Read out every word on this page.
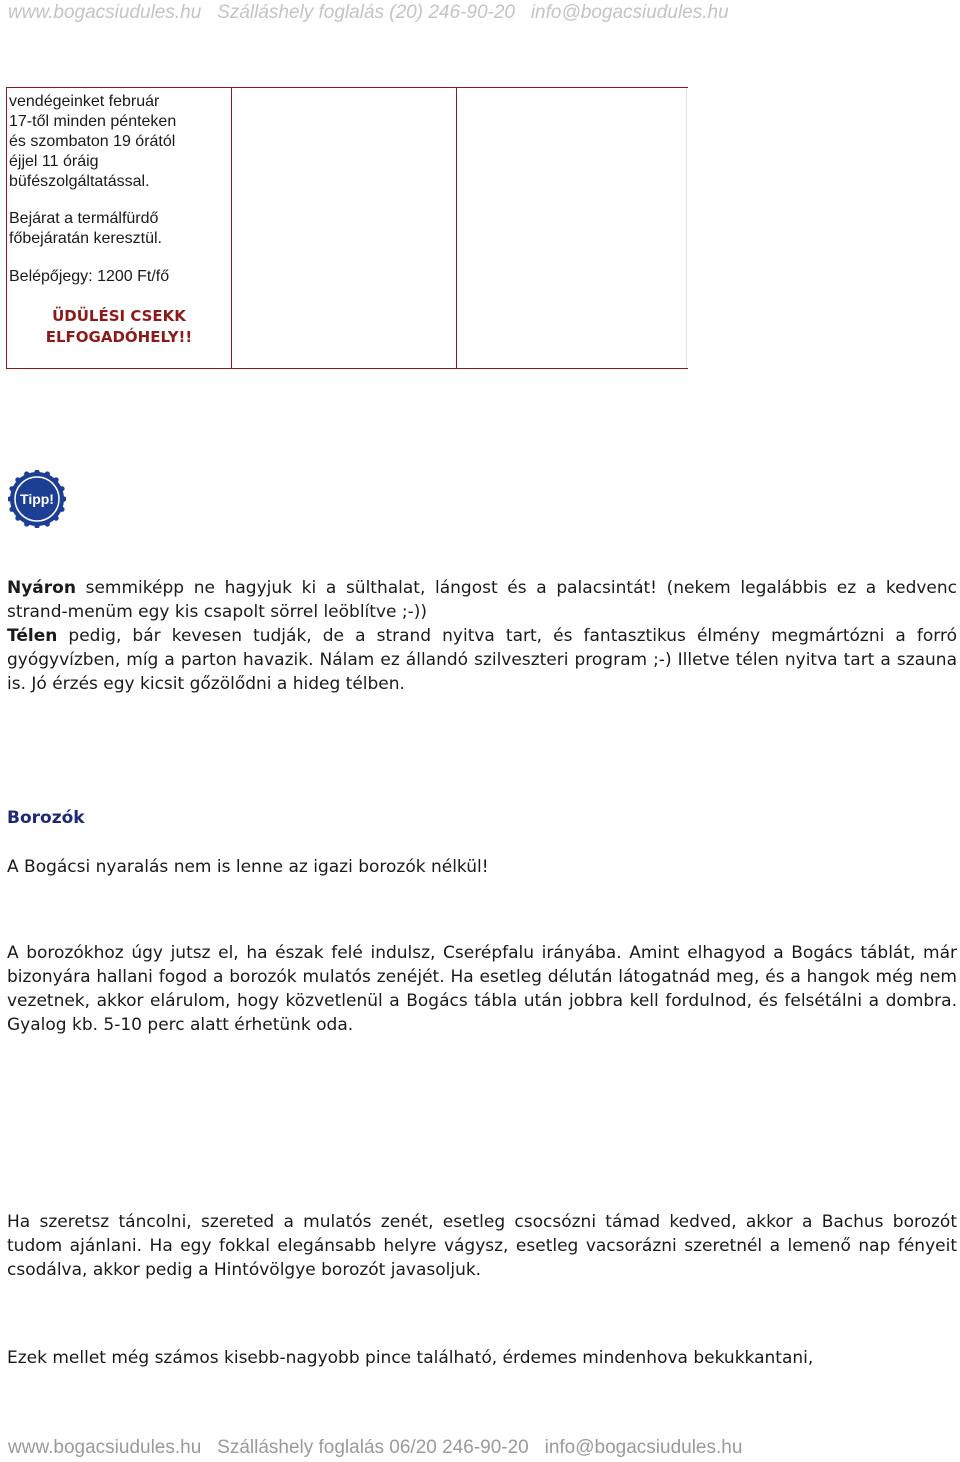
www.bogacsiudules.hu Szálláshely foglalás (20) 246-90-20 info@bogacsiudules.hu

vendégeinket február
17-től minden pénteken
és szombaton 19 órától
éjjel 11 óráig
büfészolgáltatással.

Bejárat a termálfürdő
főbejáratán keresztül.

Belépőjegy: 1200 Ft/fő

ÜDÜLÉSI CSEKK
ELFOGADÓHELY!!

Tipp!

Nyáron semmiképp ne hagyjuk ki a sülthalat, lángost és a palacsintát! (nekem legalábbis ez a kedvenc strand-menüm egy kis csapolt sörrel leöblítve ;-))
Télen pedig, bár kevesen tudják, de a strand nyitva tart, és fantasztikus élmény megmártózni a forró gyógyvízben, míg a parton havazik. Nálam ez állandó szilveszteri program ;-) Illetve télen nyitva tart a szauna is. Jó érzés egy kicsit gőzölődni a hideg télben.

Borozók

A Bogácsi nyaralás nem is lenne az igazi borozók nélkül!

A borozókhoz úgy jutsz el, ha észak felé indulsz, Cserépfalu irányába. Amint elhagyod a Bogács táblát, már bizonyára hallani fogod a borozók mulatós zenéjét. Ha esetleg délután látogatnád meg, és a hangok még nem vezetnek, akkor elárulom, hogy közvetlenül a Bogács tábla után jobbra kell fordulnod, és felsétálni a dombra. Gyalog kb. 5-10 perc alatt érhetünk oda.

Ha szeretsz táncolni, szereted a mulatós zenét, esetleg csocsózni támad kedved, akkor a Bachus borozót tudom ajánlani. Ha egy fokkal elegánsabb helyre vágysz, esetleg vacsorázni szeretnél a lemenő nap fényeit csodálva, akkor pedig a Hintóvölgye borozót javasoljuk.

Ezek mellet még számos kisebb-nagyobb pince található, érdemes mindenhova bekukkantani,

www.bogacsiudules.hu Szálláshely foglalás 06/20 246-90-20 info@bogacsiudules.hu
